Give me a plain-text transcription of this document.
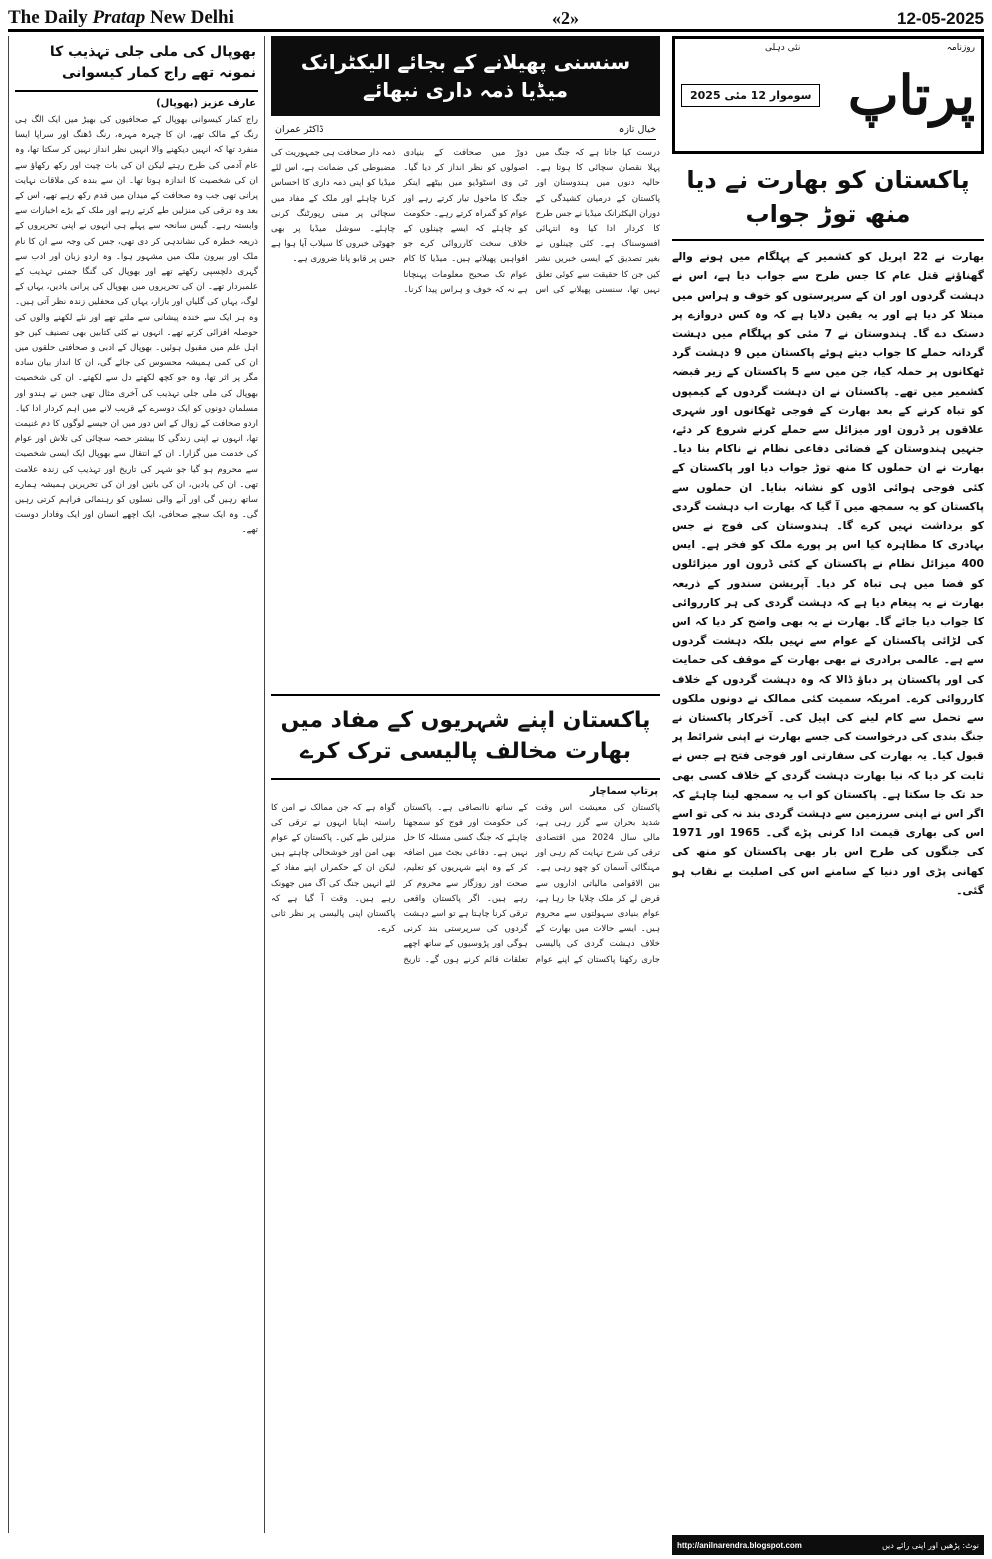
The Daily Pratap New Delhi	«2»	12-05-2025
بھوپال کی ملی جلی تہذیب کا نمونہ تھے راج کمار کیسوانی
عارف عزیز (بھوپال)
راج کمار کیسوانی بھوپال کے صحافیوں کی بھیڑ میں ایک الگ ہی رنگ کے مالک تھے، ان کا چہرہ مہرہ، رنگ ڈھنگ اور سراپا ایسا منفرد تھا کہ انہیں دیکھنے والا انہیں نظر انداز نہیں کر سکتا تھا، وہ عام آدمی کی طرح رہتے لیکن ان کی بات چیت اور رکھ رکھاؤ سے ان کی شخصیت کا اندازہ ہوتا تھا۔ ان سے بندہ کی ملاقات نہایت پرانی تھی جب وہ صحافت کے میدان میں قدم رکھ رہے تھے، اس کے بعد وہ ترقی کی منزلیں طے کرتے رہے اور ملک کے بڑے اخبارات سے وابستہ رہے۔ گیس سانحہ سے پہلے ہی انہوں نے اپنی تحریروں کے ذریعہ خطرہ کی نشاندہی کر دی تھی، جس کی وجہ سے ان کا نام ملک اور بیرون ملک میں مشہور ہوا۔ وہ اردو زبان اور ادب سے گہری دلچسپی رکھتے تھے اور بھوپال کی گنگا جمنی تہذیب کے علمبردار تھے۔ ان کی تحریروں میں بھوپال کی پرانی یادیں، یہاں کے لوگ، یہاں کی گلیاں اور بازار، یہاں کی محفلیں زندہ نظر آتی ہیں۔ وہ ہر ایک سے خندہ پیشانی سے ملتے تھے اور نئے لکھنے والوں کی حوصلہ افزائی کرتے تھے۔ انہوں نے کئی کتابیں بھی تصنیف کیں جو اہل علم میں مقبول ہوئیں۔ بھوپال کے ادبی و صحافتی حلقوں میں ان کی کمی ہمیشہ محسوس کی جائے گی، ان کا انداز بیان سادہ مگر پر اثر تھا، وہ جو کچھ لکھتے دل سے لکھتے۔ ان کی شخصیت بھوپال کی ملی جلی تہذیب کی آخری مثال تھی جس نے ہندو اور مسلمان دونوں کو ایک دوسرے کے قریب لانے میں اہم کردار ادا کیا۔ اردو صحافت کے زوال کے اس دور میں ان جیسے لوگوں کا دم غنیمت تھا، انہوں نے اپنی زندگی کا بیشتر حصہ سچائی کی تلاش اور عوام کی خدمت میں گزارا۔ ان کے انتقال سے بھوپال ایک ایسی شخصیت سے محروم ہو گیا جو شہر کی تاریخ اور تہذیب کی زندہ علامت تھی۔ ان کی یادیں، ان کی باتیں اور ان کی تحریریں ہمیشہ ہمارے ساتھ رہیں گی اور آنے والی نسلوں کو رہنمائی فراہم کرتی رہیں گی۔ وہ ایک سچے صحافی، ایک اچھے انسان اور ایک وفادار دوست تھے۔
سنسنی پھیلانے کے بجائے الیکٹرانک میڈیا ذمہ داری نبھائے
خیال تازہ
ڈاکٹر عمران
درست کیا جاتا ہے کہ جنگ میں پہلا نقصان سچائی کا ہوتا ہے۔ حالیہ دنوں میں ہندوستان اور پاکستان کے درمیان کشیدگی کے دوران الیکٹرانک میڈیا نے جس طرح کا کردار ادا کیا وہ انتہائی افسوسناک ہے۔ کئی چینلوں نے بغیر تصدیق کے ایسی خبریں نشر کیں جن کا حقیقت سے کوئی تعلق نہیں تھا، سنسنی پھیلانے کی اس دوڑ میں صحافت کے بنیادی اصولوں کو نظر انداز کر دیا گیا۔ ٹی وی اسٹوڈیو میں بیٹھے اینکر جنگ کا ماحول تیار کرتے رہے اور عوام کو گمراہ کرتے رہے۔ حکومت کو چاہئے کہ ایسے چینلوں کے خلاف سخت کارروائی کرے جو افواہیں پھیلاتے ہیں۔ میڈیا کا کام عوام تک صحیح معلومات پہنچانا ہے نہ کہ خوف و ہراس پیدا کرنا۔ ذمہ دار صحافت ہی جمہوریت کی مضبوطی کی ضمانت ہے، اس لئے میڈیا کو اپنی ذمہ داری کا احساس کرنا چاہئے اور ملک کے مفاد میں سچائی پر مبنی رپورٹنگ کرنی چاہئے۔ سوشل میڈیا پر بھی جھوٹی خبروں کا سیلاب آیا ہوا ہے جس پر قابو پانا ضروری ہے۔
پاکستان اپنے شہریوں کے مفاد میں بھارت مخالف پالیسی ترک کرے
پرتاپ سماچار
پاکستان کی معیشت اس وقت شدید بحران سے گزر رہی ہے، مالی سال 2024 میں اقتصادی ترقی کی شرح نہایت کم رہی اور مہنگائی آسمان کو چھو رہی ہے۔ بین الاقوامی مالیاتی اداروں سے قرض لے کر ملک چلایا جا رہا ہے، عوام بنیادی سہولتوں سے محروم ہیں۔ ایسے حالات میں بھارت کے خلاف دہشت گردی کی پالیسی جاری رکھنا پاکستان کے اپنے عوام کے ساتھ ناانصافی ہے۔ پاکستان کی حکومت اور فوج کو سمجھنا چاہئے کہ جنگ کسی مسئلہ کا حل نہیں ہے۔ دفاعی بجٹ میں اضافہ کر کے وہ اپنے شہریوں کو تعلیم، صحت اور روزگار سے محروم کر رہے ہیں۔ اگر پاکستان واقعی ترقی کرنا چاہتا ہے تو اسے دہشت گردوں کی سرپرستی بند کرنی ہوگی اور پڑوسیوں کے ساتھ اچھے تعلقات قائم کرنے ہوں گے۔ تاریخ گواہ ہے کہ جن ممالک نے امن کا راستہ اپنایا انہوں نے ترقی کی منزلیں طے کیں۔ پاکستان کے عوام بھی امن اور خوشحالی چاہتے ہیں لیکن ان کے حکمراں اپنے مفاد کے لئے انہیں جنگ کی آگ میں جھونک رہے ہیں۔ وقت آ گیا ہے کہ پاکستان اپنی پالیسی پر نظر ثانی کرے۔
سوموار 12 مئی 2025 پرتاپ
روزنامہ
نئی دہلی
پاکستان کو بھارت نے دیا منھ توڑ جواب
بھارت نے 22 اپریل کو کشمیر کے پہلگام میں ہونے والے گھناؤنے قتل عام کا جس طرح سے جواب دیا ہے، اس نے دہشت گردوں اور ان کے سرپرستوں کو خوف و ہراس میں مبتلا کر دیا ہے اور یہ یقین دلایا ہے کہ وہ کس دروازے پر دستک دے گا۔ ہندوستان نے 7 مئی کو پہلگام میں دہشت گردانہ حملے کا جواب دیتے ہوئے پاکستان میں 9 دہشت گرد ٹھکانوں پر حملہ کیا، جن میں سے 5 پاکستان کے زیر قبضہ کشمیر میں تھے۔ پاکستان نے ان دہشت گردوں کے کیمپوں کو تباہ کرنے کے بعد بھارت کے فوجی ٹھکانوں اور شہری علاقوں پر ڈرون اور میزائل سے حملے کرنے شروع کر دئے، جنہیں ہندوستان کے فضائی دفاعی نظام نے ناکام بنا دیا۔ بھارت نے ان حملوں کا منھ توڑ جواب دیا اور پاکستان کے کئی فوجی ہوائی اڈوں کو نشانہ بنایا۔ ان حملوں سے پاکستان کو یہ سمجھ میں آ گیا کہ بھارت اب دہشت گردی کو برداشت نہیں کرے گا۔ ہندوستان کی فوج نے جس بہادری کا مظاہرہ کیا اس پر پورے ملک کو فخر ہے۔ ایس 400 میزائل نظام نے پاکستان کے کئی ڈرون اور میزائلوں کو فضا میں ہی تباہ کر دیا۔ آپریشن سندور کے ذریعہ بھارت نے یہ پیغام دیا ہے کہ دہشت گردی کی ہر کارروائی کا جواب دیا جائے گا۔ بھارت نے یہ بھی واضح کر دیا کہ اس کی لڑائی پاکستان کے عوام سے نہیں بلکہ دہشت گردوں سے ہے۔ عالمی برادری نے بھی بھارت کے موقف کی حمایت کی اور پاکستان پر دباؤ ڈالا کہ وہ دہشت گردوں کے خلاف کارروائی کرے۔ امریکہ سمیت کئی ممالک نے دونوں ملکوں سے تحمل سے کام لینے کی اپیل کی۔ آخرکار پاکستان نے جنگ بندی کی درخواست کی جسے بھارت نے اپنی شرائط پر قبول کیا۔ یہ بھارت کی سفارتی اور فوجی فتح ہے جس نے ثابت کر دیا کہ نیا بھارت دہشت گردی کے خلاف کسی بھی حد تک جا سکتا ہے۔ پاکستان کو اب یہ سمجھ لینا چاہئے کہ اگر اس نے اپنی سرزمین سے دہشت گردی بند نہ کی تو اسے اس کی بھاری قیمت ادا کرنی پڑے گی۔ 1965 اور 1971 کی جنگوں کی طرح اس بار بھی پاکستان کو منھ کی کھانی پڑی اور دنیا کے سامنے اس کی اصلیت بے نقاب ہو گئی۔
http://anilnarendra.blogspot.com	نوٹ: پڑھیں اور اپنی رائے دیں
